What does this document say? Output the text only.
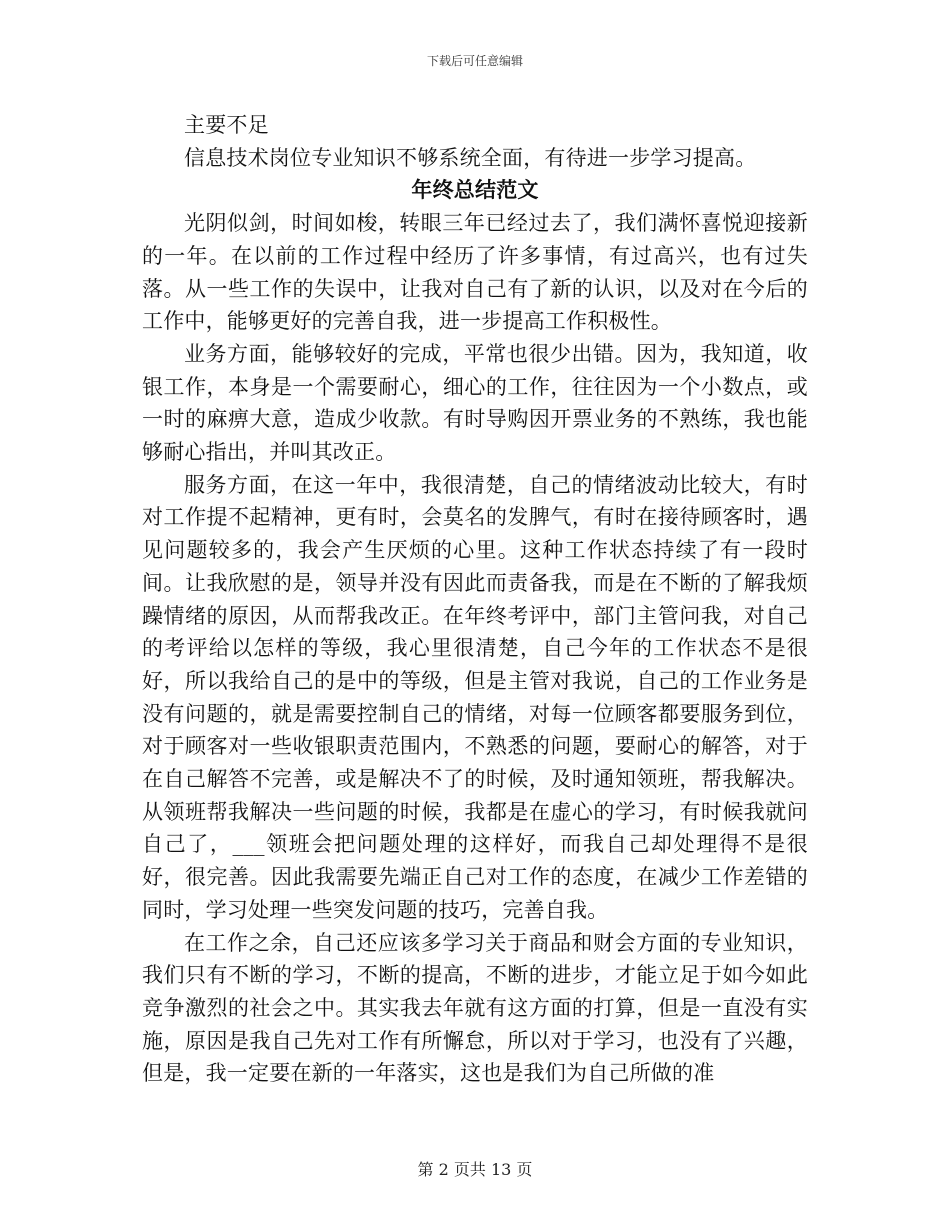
下载后可任意编辑

主要不足

信息技术岗位专业知识不够系统全面，有待进一步学习提高。

年终总结范文

光阴似剑，时间如梭，转眼三年已经过去了，我们满怀喜悦迎接新的一年。在以前的工作过程中经历了许多事情，有过高兴，也有过失落。从一些工作的失误中，让我对自己有了新的认识，以及对在今后的工作中，能够更好的完善自我，进一步提高工作积极性。

业务方面，能够较好的完成，平常也很少出错。因为，我知道，收银工作，本身是一个需要耐心，细心的工作，往往因为一个小数点，或一时的麻痹大意，造成少收款。有时导购因开票业务的不熟练，我也能够耐心指出，并叫其改正。

服务方面，在这一年中，我很清楚，自己的情绪波动比较大，有时对工作提不起精神，更有时，会莫名的发脾气，有时在接待顾客时，遇见问题较多的，我会产生厌烦的心里。这种工作状态持续了有一段时间。让我欣慰的是，领导并没有因此而责备我，而是在不断的了解我烦躁情绪的原因，从而帮我改正。在年终考评中，部门主管问我，对自己的考评给以怎样的等级，我心里很清楚，自己今年的工作状态不是很好，所以我给自己的是中的等级，但是主管对我说，自己的工作业务是没有问题的，就是需要控制自己的情绪，对每一位顾客都要服务到位，对于顾客对一些收银职责范围内，不熟悉的问题，要耐心的解答，对于在自己解答不完善，或是解决不了的时候，及时通知领班，帮我解决。从领班帮我解决一些问题的时候，我都是在虚心的学习，有时候我就问自己了，___领班会把问题处理的这样好，而我自己却处理得不是很好，很完善。因此我需要先端正自己对工作的态度，在减少工作差错的同时，学习处理一些突发问题的技巧，完善自我。

在工作之余，自己还应该多学习关于商品和财会方面的专业知识，我们只有不断的学习，不断的提高，不断的进步，才能立足于如今如此竞争激烈的社会之中。其实我去年就有这方面的打算，但是一直没有实施，原因是我自己先对工作有所懈怠，所以对于学习，也没有了兴趣，但是，我一定要在新的一年落实，这也是我们为自己所做的准

第 2 页共 13 页
